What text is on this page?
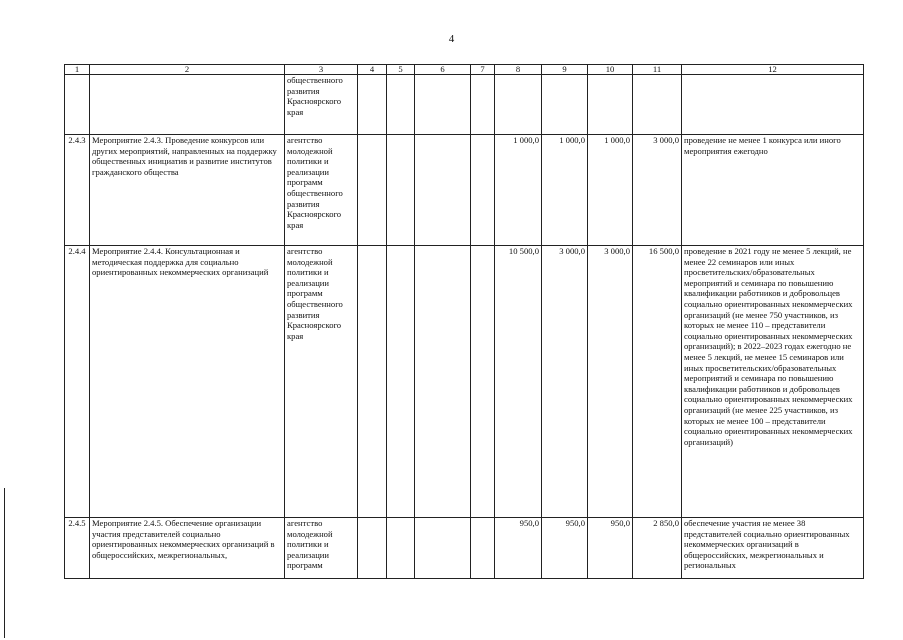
4
1	2	3	4	5	6	7	8	9	10	11	12
		общественного развития Красноярского края									
2.4.3	Мероприятие 2.4.3. Проведение конкурсов или других мероприятий, направленных на поддержку общественных инициатив и развитие институтов гражданского общества	агентство молодежной политики и реализации программ общественного развития Красноярского края					1 000,0	1 000,0	1 000,0	3 000,0	проведение не менее 1 конкурса или иного мероприятия ежегодно
2.4.4	Мероприятие 2.4.4. Консультационная и методическая поддержка для социально ориентированных некоммерческих организаций	агентство молодежной политики и реализации программ общественного развития Красноярского края					10 500,0	3 000,0	3 000,0	16 500,0	проведение в 2021 году не менее 5 лекций, не менее 22 семинаров или иных просветительских/образовательных мероприятий и семинара по повышению квалификации работников и добровольцев социально ориентированных некоммерческих организаций (не менее 750 участников, из которых не менее 110 – представители социально ориентированных некоммерческих организаций); в 2022–2023 годах ежегодно не менее 5 лекций, не менее 15 семинаров или иных просветительских/образовательных мероприятий и семинара по повышению квалификации работников и добровольцев социально ориентированных некоммерческих организаций (не менее 225 участников, из которых не менее 100 – представители социально ориентированных некоммерческих организаций)
2.4.5	Мероприятие 2.4.5. Обеспечение организации участия представителей социально ориентированных некоммерческих организаций в общероссийских, межрегиональных,	агентство молодежной политики и реализации программ					950,0	950,0	950,0	2 850,0	обеспечение участия не менее 38 представителей социально ориентированных некоммерческих организаций в общероссийских, межрегиональных и региональных
